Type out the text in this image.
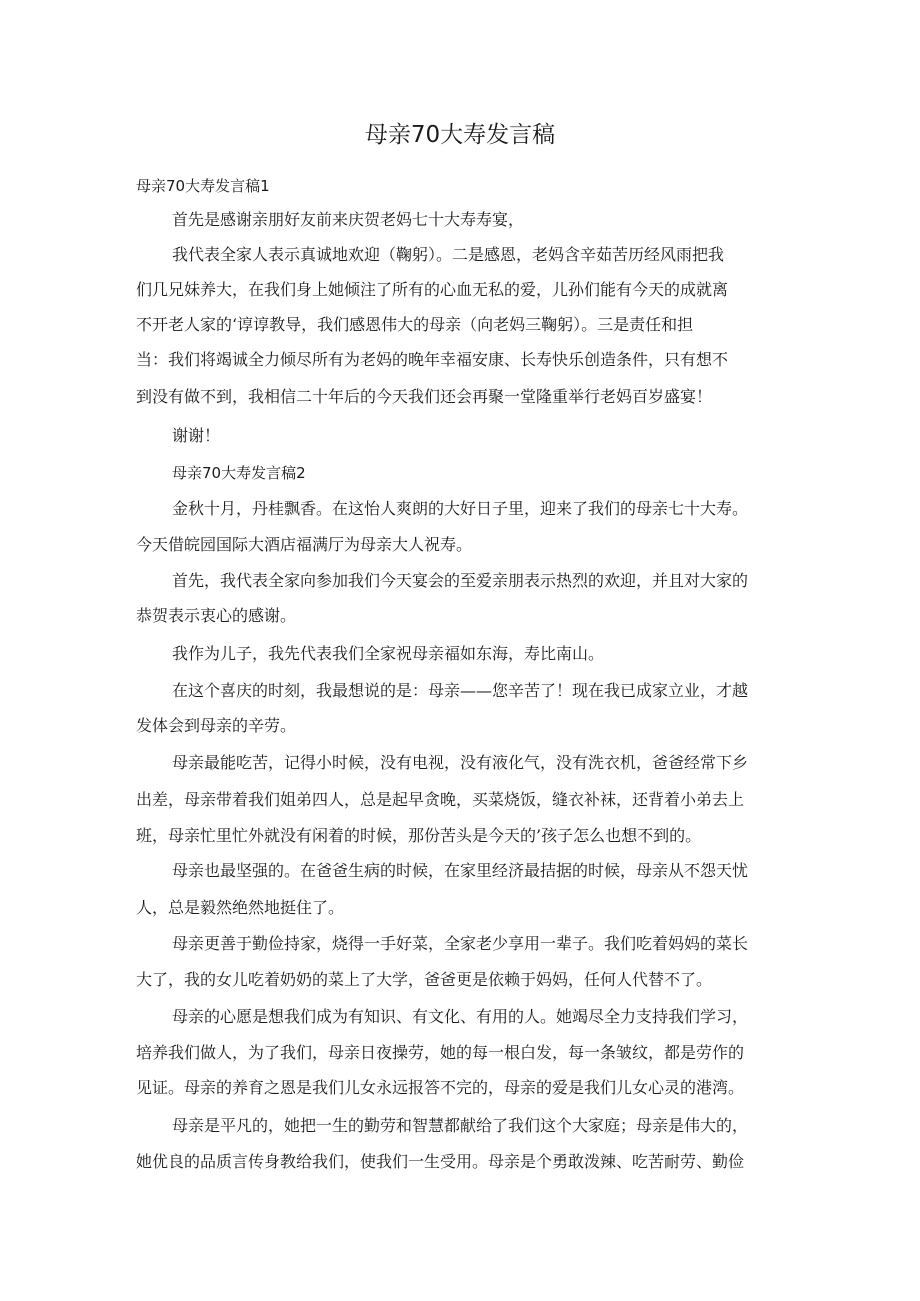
母亲70大寿发言稿
母亲70大寿发言稿1
首先是感谢亲朋好友前来庆贺老妈七十大寿寿宴，
我代表全家人表示真诚地欢迎（鞠躬）。二是感恩，老妈含辛茹苦历经风雨把我
们几兄妹养大，在我们身上她倾注了所有的心血无私的爱，儿孙们能有今天的成就离
不开老人家的‘谆谆教导，我们感恩伟大的母亲（向老妈三鞠躬）。三是责任和担
当：我们将竭诚全力倾尽所有为老妈的晚年幸福安康、长寿快乐创造条件，只有想不
到没有做不到，我相信二十年后的今天我们还会再聚一堂隆重举行老妈百岁盛宴！
谢谢！
母亲70大寿发言稿2
金秋十月，丹桂飘香。在这怡人爽朗的大好日子里，迎来了我们的母亲七十大寿。
今天借皖园国际大酒店福满厅为母亲大人祝寿。
首先，我代表全家向参加我们今天宴会的至爱亲朋表示热烈的欢迎，并且对大家的
恭贺表示衷心的感谢。
我作为儿子，我先代表我们全家祝母亲福如东海，寿比南山。
在这个喜庆的时刻，我最想说的是：母亲——您辛苦了！现在我已成家立业，才越
发体会到母亲的辛劳。
母亲最能吃苦，记得小时候，没有电视，没有液化气，没有洗衣机，爸爸经常下乡
出差，母亲带着我们姐弟四人，总是起早贪晚，买菜烧饭，缝衣补袜，还背着小弟去上
班，母亲忙里忙外就没有闲着的时候，那份苦头是今天的’孩子怎么也想不到的。
母亲也最坚强的。在爸爸生病的时候，在家里经济最拮据的时候，母亲从不怨天忧
人，总是毅然绝然地挺住了。
母亲更善于勤俭持家，烧得一手好菜，全家老少享用一辈子。我们吃着妈妈的菜长
大了，我的女儿吃着奶奶的菜上了大学，爸爸更是依赖于妈妈，任何人代替不了。
母亲的心愿是想我们成为有知识、有文化、有用的人。她竭尽全力支持我们学习，
培养我们做人，为了我们，母亲日夜操劳，她的每一根白发，每一条皱纹，都是劳作的
见证。母亲的养育之恩是我们儿女永远报答不完的，母亲的爱是我们儿女心灵的港湾。
母亲是平凡的，她把一生的勤劳和智慧都献给了我们这个大家庭；母亲是伟大的，
她优良的品质言传身教给我们，使我们一生受用。母亲是个勇敢泼辣、吃苦耐劳、勤俭
